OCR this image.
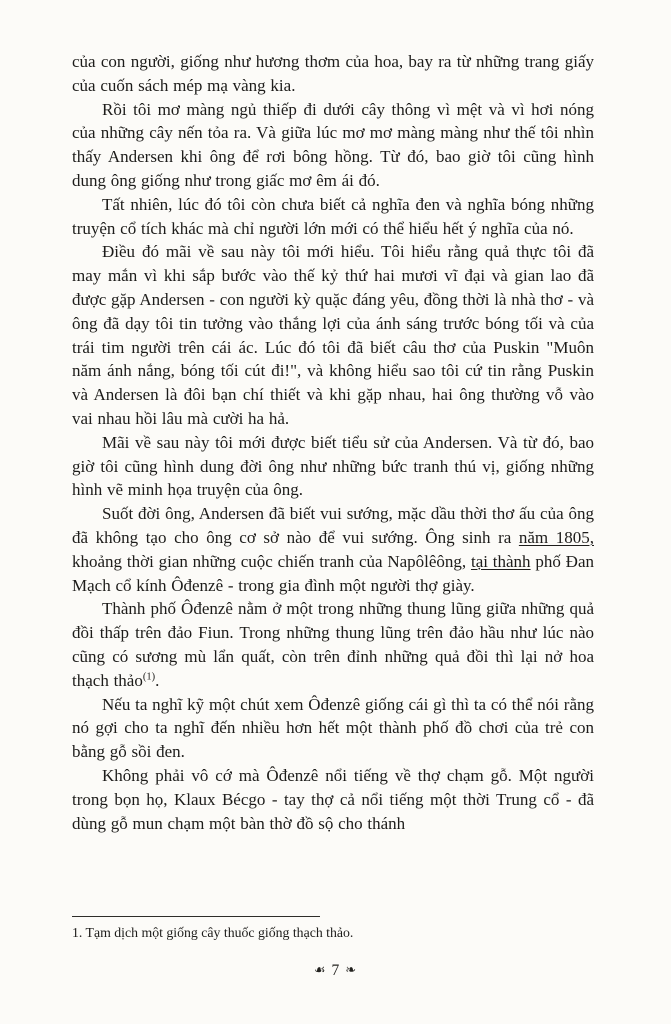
của con người, giống như hương thơm của hoa, bay ra từ những trang giấy của cuốn sách mép mạ vàng kia.

Rồi tôi mơ màng ngủ thiếp đi dưới cây thông vì mệt và vì hơi nóng của những cây nến tỏa ra. Và giữa lúc mơ mơ màng màng như thế tôi nhìn thấy Andersen khi ông để rơi bông hồng. Từ đó, bao giờ tôi cũng hình dung ông giống như trong giấc mơ êm ái đó.

Tất nhiên, lúc đó tôi còn chưa biết cả nghĩa đen và nghĩa bóng những truyện cổ tích khác mà chỉ người lớn mới có thể hiểu hết ý nghĩa của nó.

Điều đó mãi về sau này tôi mới hiểu. Tôi hiểu rằng quả thực tôi đã may mắn vì khi sắp bước vào thế kỷ thứ hai mươi vĩ đại và gian lao đã được gặp Andersen - con người kỳ quặc đáng yêu, đồng thời là nhà thơ - và ông đã dạy tôi tin tưởng vào thắng lợi của ánh sáng trước bóng tối và của trái tim người trên cái ác. Lúc đó tôi đã biết câu thơ của Puskin "Muôn năm ánh nắng, bóng tối cút đi!", và không hiểu sao tôi cứ tin rằng Puskin và Andersen là đôi bạn chí thiết và khi gặp nhau, hai ông thường vỗ vào vai nhau hồi lâu mà cười ha hả.

Mãi về sau này tôi mới được biết tiểu sử của Andersen. Và từ đó, bao giờ tôi cũng hình dung đời ông như những bức tranh thú vị, giống những hình vẽ minh họa truyện của ông.

Suốt đời ông, Andersen đã biết vui sướng, mặc dầu thời thơ ấu của ông đã không tạo cho ông cơ sở nào để vui sướng. Ông sinh ra năm 1805, khoảng thời gian những cuộc chiến tranh của Napôlêông, tại thành phố Đan Mạch cổ kính Ôđenzê - trong gia đình một người thợ giày.

Thành phố Ôđenzê nằm ở một trong những thung lũng giữa những quả đồi thấp trên đảo Fiun. Trong những thung lũng trên đảo hầu như lúc nào cũng có sương mù lẩn quất, còn trên đỉnh những quả đồi thì lại nở hoa thạch thảo$^{(1)}$.

Nếu ta nghĩ kỹ một chút xem Ôđenzê giống cái gì thì ta có thể nói rằng nó gợi cho ta nghĩ đến nhiều hơn hết một thành phố đồ chơi của trẻ con bằng gỗ sồi đen.

Không phải vô cớ mà Ôđenzê nổi tiếng về thợ chạm gỗ. Một người trong bọn họ, Klaux Bécgo - tay thợ cả nổi tiếng một thời Trung cổ - đã dùng gỗ mun chạm một bàn thờ đồ sộ cho thánh

1. Tạm dịch một giống cây thuốc giống thạch thảo.

☙ 7 ❧
